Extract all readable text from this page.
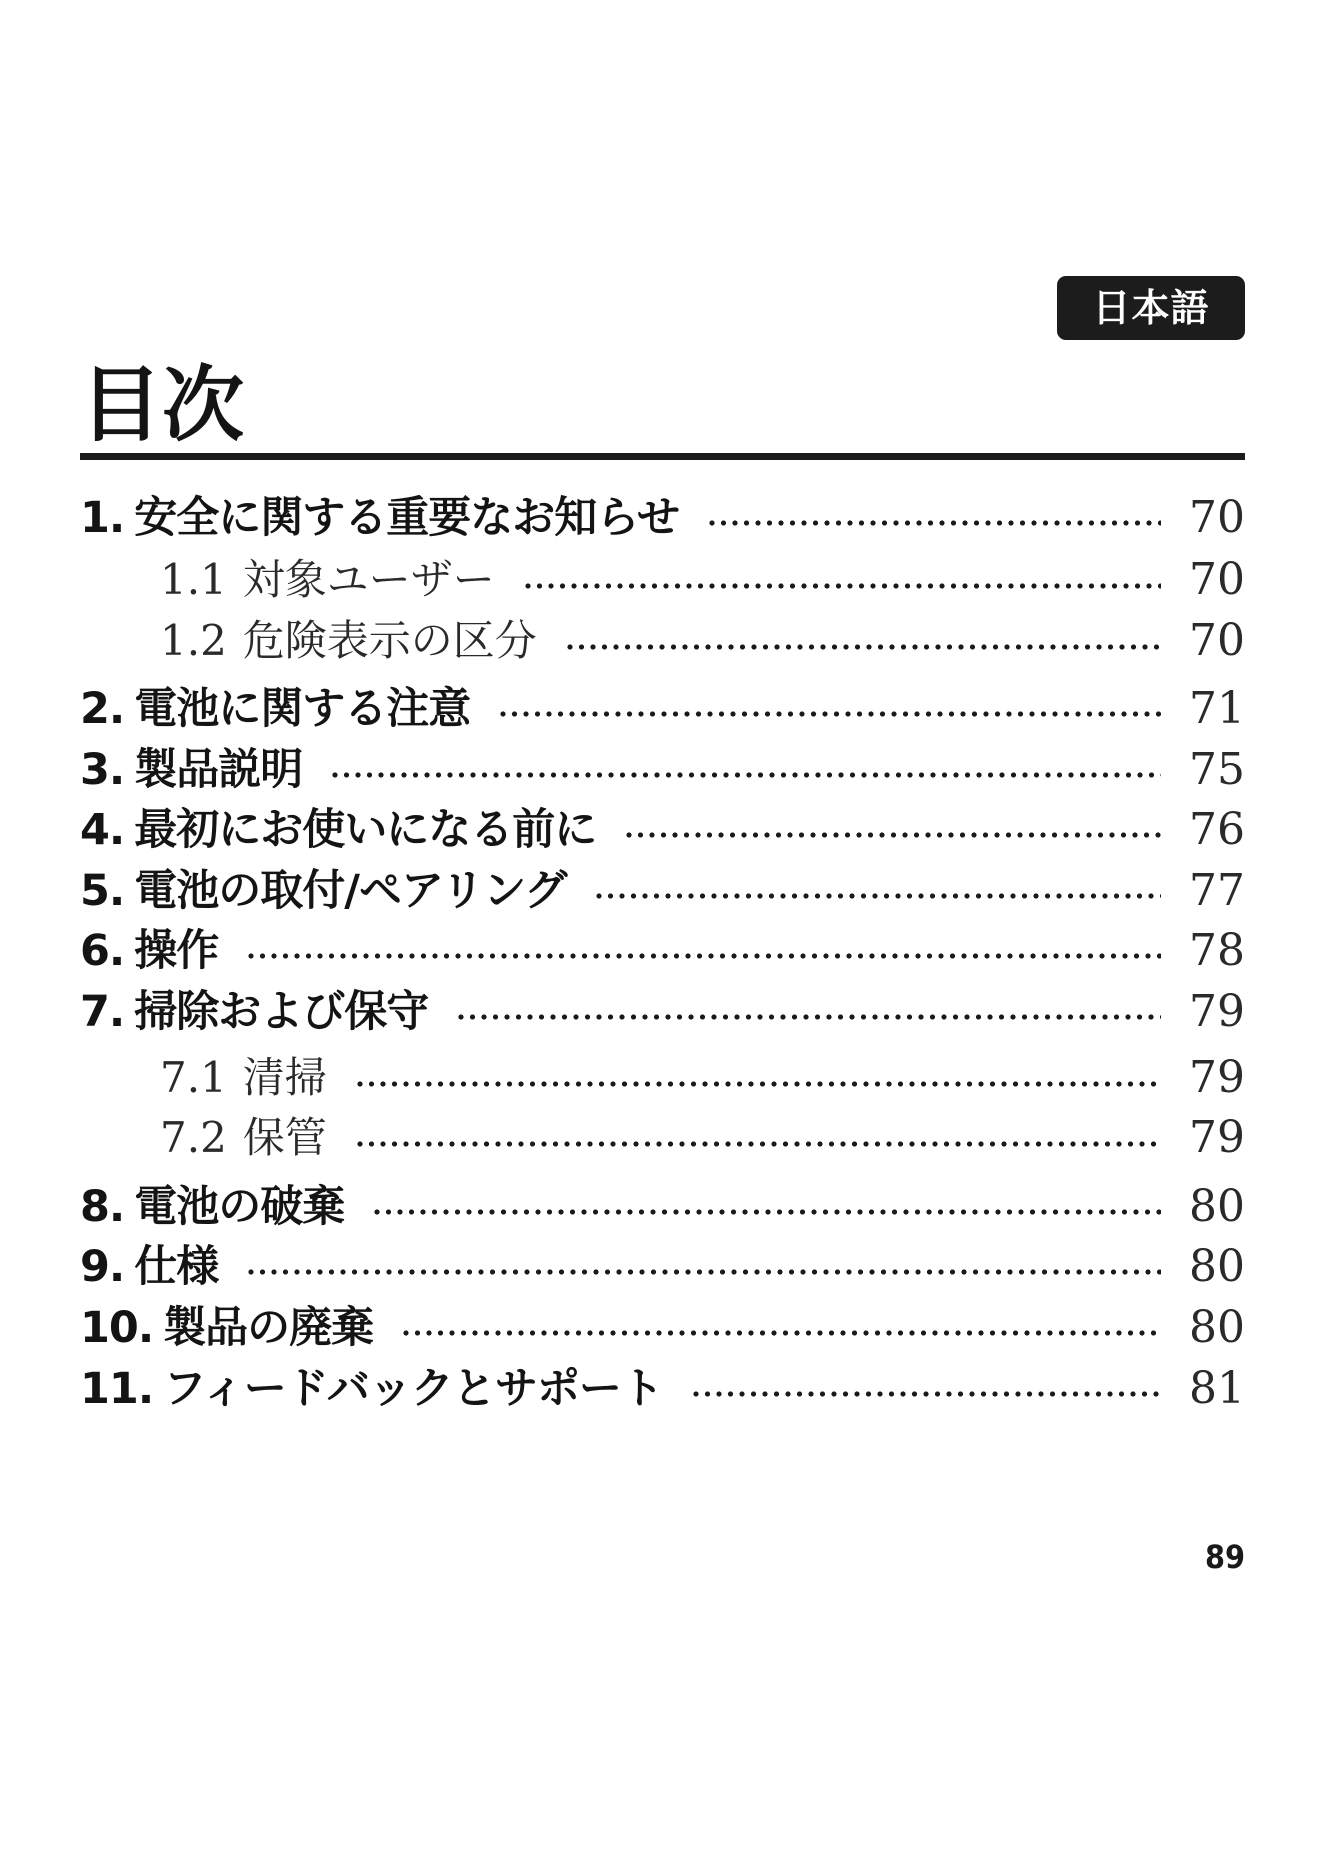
日本語
目次
1. 安全に関する重要なお知らせ	70
1.1 対象ユーザー	70
1.2 危険表示の区分	70
2. 電池に関する注意	71
3. 製品説明	75
4. 最初にお使いになる前に	76
5. 電池の取付/ペアリング	77
6. 操作	78
7. 掃除および保守	79
7.1 清掃	79
7.2 保管	79
8. 電池の破棄	80
9. 仕様	80
10. 製品の廃棄	80
11. フィードバックとサポート	81
89
